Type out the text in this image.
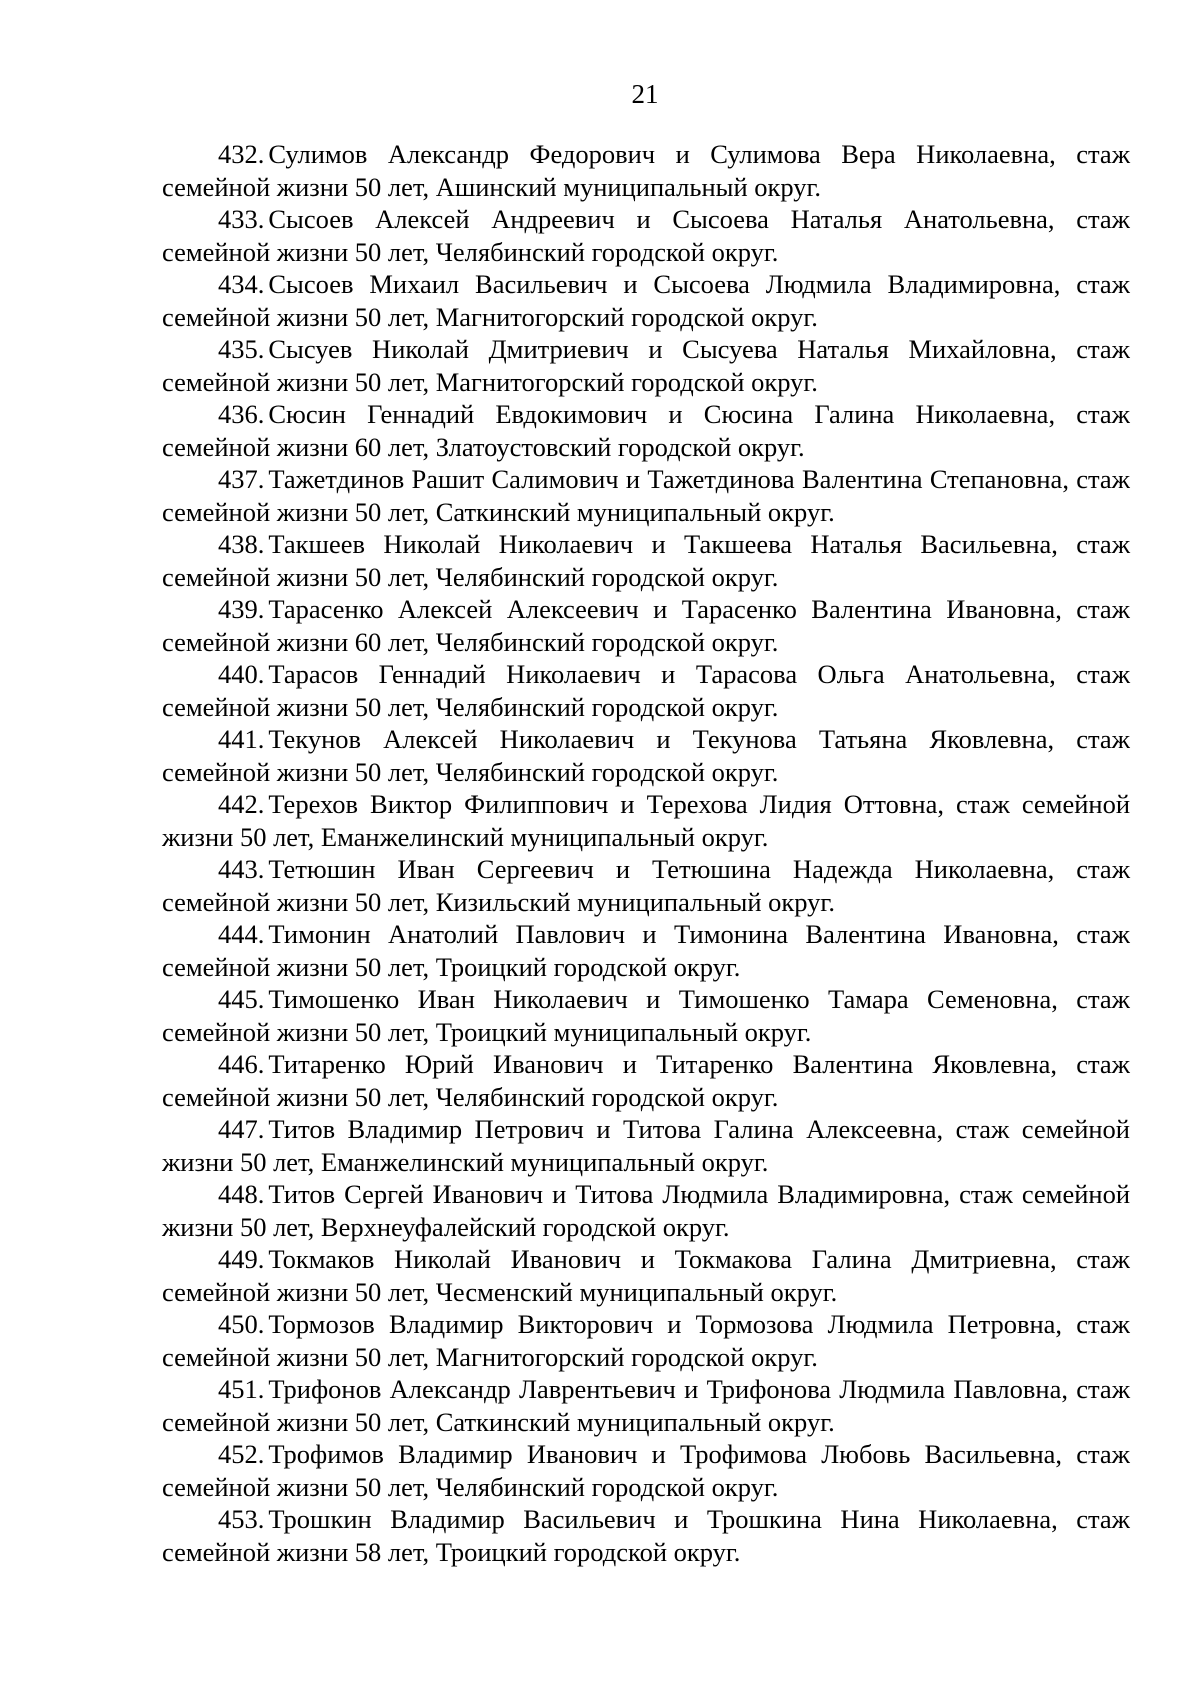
21

432. Сулимов Александр Федорович и Сулимова Вера Николаевна, стаж семейной жизни 50 лет, Ашинский муниципальный округ.

433. Сысоев Алексей Андреевич и Сысоева Наталья Анатольевна, стаж семейной жизни 50 лет, Челябинский городской округ.

434. Сысоев Михаил Васильевич и Сысоева Людмила Владимировна, стаж семейной жизни 50 лет, Магнитогорский городской округ.

435. Сысуев Николай Дмитриевич и Сысуева Наталья Михайловна, стаж семейной жизни 50 лет, Магнитогорский городской округ.

436. Сюсин Геннадий Евдокимович и Сюсина Галина Николаевна, стаж семейной жизни 60 лет, Златоустовский городской округ.

437. Тажетдинов Рашит Салимович и Тажетдинова Валентина Степановна, стаж семейной жизни 50 лет, Саткинский муниципальный округ.

438. Такшеев Николай Николаевич и Такшеева Наталья Васильевна, стаж семейной жизни 50 лет, Челябинский городской округ.

439. Тарасенко Алексей Алексеевич и Тарасенко Валентина Ивановна, стаж семейной жизни 60 лет, Челябинский городской округ.

440. Тарасов Геннадий Николаевич и Тарасова Ольга Анатольевна, стаж семейной жизни 50 лет, Челябинский городской округ.

441. Текунов Алексей Николаевич и Текунова Татьяна Яковлевна, стаж семейной жизни 50 лет, Челябинский городской округ.

442. Терехов Виктор Филиппович и Терехова Лидия Оттовна, стаж семейной жизни 50 лет, Еманжелинский муниципальный округ.

443. Тетюшин Иван Сергеевич и Тетюшина Надежда Николаевна, стаж семейной жизни 50 лет, Кизильский муниципальный округ.

444. Тимонин Анатолий Павлович и Тимонина Валентина Ивановна, стаж семейной жизни 50 лет, Троицкий городской округ.

445. Тимошенко Иван Николаевич и Тимошенко Тамара Семеновна, стаж семейной жизни 50 лет, Троицкий муниципальный округ.

446. Титаренко Юрий Иванович и Титаренко Валентина Яковлевна, стаж семейной жизни 50 лет, Челябинский городской округ.

447. Титов Владимир Петрович и Титова Галина Алексеевна, стаж семейной жизни 50 лет, Еманжелинский муниципальный округ.

448. Титов Сергей Иванович и Титова Людмила Владимировна, стаж семейной жизни 50 лет, Верхнеуфалейский городской округ.

449. Токмаков Николай Иванович и Токмакова Галина Дмитриевна, стаж семейной жизни 50 лет, Чесменский муниципальный округ.

450. Тормозов Владимир Викторович и Тормозова Людмила Петровна, стаж семейной жизни 50 лет, Магнитогорский городской округ.

451. Трифонов Александр Лаврентьевич и Трифонова Людмила Павловна, стаж семейной жизни 50 лет, Саткинский муниципальный округ.

452. Трофимов Владимир Иванович и Трофимова Любовь Васильевна, стаж семейной жизни 50 лет, Челябинский городской округ.

453. Трошкин Владимир Васильевич и Трошкина Нина Николаевна, стаж семейной жизни 58 лет, Троицкий городской округ.
